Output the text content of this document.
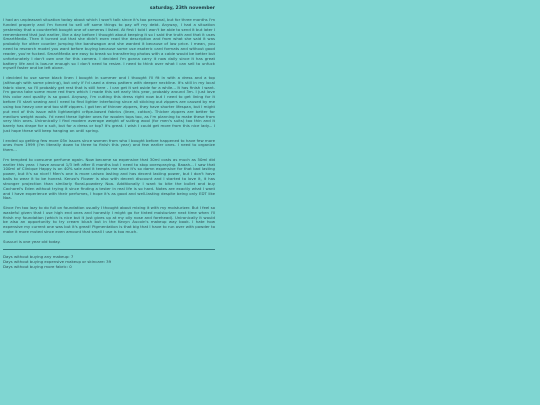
saturday, 23th november

I had an unpleasant situation today about which I won't talk since it's too personal, but for three months I'm funded properly and I'm forced to sell off some things to pay off my debt. Anyway, I had a situation yesterday that a counterfeit bought one of cameras I listed. At first I told I won't be able to send it but later I remembered that just earlier, like a day before I thought about keeping it so I said the truth and that it uses SmartMedia. Then it turned out that she didn't even read the description and from what she said it was probably for other counter jumping the bandwagon and she wanted it because of low price. I mean, you need to research model you want before buying because some use esoteric card formats and without good reader, you're fucked. SmartMedia are easy to break so transferring photos with a cable would be better but unfortunately I don't own one for this camera. I decided I'm gonna carry it now daily since it has great battery life and is low-ne enough so I don't need to resize. I need to think over what I can sell to unfuck myself faster and be left alone.

I decided to use some black linen I bought in summer and I thought I'll fit in with a dress and a top (although with some piecing), but only if I'd used a dress pattern with deeper neckline. It's still in my local fabric store, so I'll probably get rest that is still here - I can get it set aside for a while... It has finish I want. I'm gonna take some more red from which I made this set early this year, probably around 3m. I just love this color and quality is so good. Anyway, I'm cutting this dress right now but I need to get lining for it before I'll start sewing and I need to find lighter interfacing since all sticking out zippers are caused by me using too heavy one and too stiff zippers. I got ten of thinner zippers, they have shorter lifespan, but I might put end of this issue with lightweight crêpe-based fabrics (linen, cotton). Thicker zippers are better for medium weight wools. I'd need these lighter ones for woolen tops too, as I'm planning to make these from very thin ones. Unironically I find modern average weight of suiting wool (for men's suits) too thin and it barely has drape for a suit, but for a dress or top? It's great. I wish I could get more from this nice lady... I just hope these will keep hanging on until spring.

I ended up getting few more 05n issues since women from who I bought before happened to have few more ones from 1999 (I'm literally down to three to finish this year) and few earlier ones. I need to organize them...

I'm tempted to consume perfume again. Now became so expensive that 30ml costs as much as 50ml did earlier this year. I have around 1/3 left after 8 months but I need to stop overspraying. Baaah... I saw that 100ml of Clinique Happy is on 40% sale and it tempts me since it's so damn expensive for that bad lasting power, but it's so nice!! Men's one is more unisex lasting and has decent lasting power, but I don't have balls to wear it to be honest. Kenzo's Flower is also with decent discount and I started to love it, it has stronger projection than similarly floral-powdery Noa. Additionally I want to bite the bullet and buy Cacharel's Eden without trying it since finding a tester in real life is so hard. Notes are exactly what I want and I have experience with their perfumes, I hope it's as good and well-lasting despite being only EDT like Noa.

Since I'm too lazy to do full on foundation usually I thought about mixing it with my moisturizer. But I feel so wasteful given that I use high end ones and honestly I might go for tinted moisturizer next time when I'll finish my foundation (which is nice but it just gives up at my oily nose and forehead). Unironically it would be also an opportunity to try cream blush but in the Kevyn Aucoin's makeup way book. I hate how expensive my current one was but it's great! Pigmentation is that big that I have to run over with powder to make it more muted since even amount that small I use is too much.

Susuuri is one year old today.

Days without buying any makeup: 7

Days without buying expensive makeup or skincare: 39

Days without buying more fabric: 0
